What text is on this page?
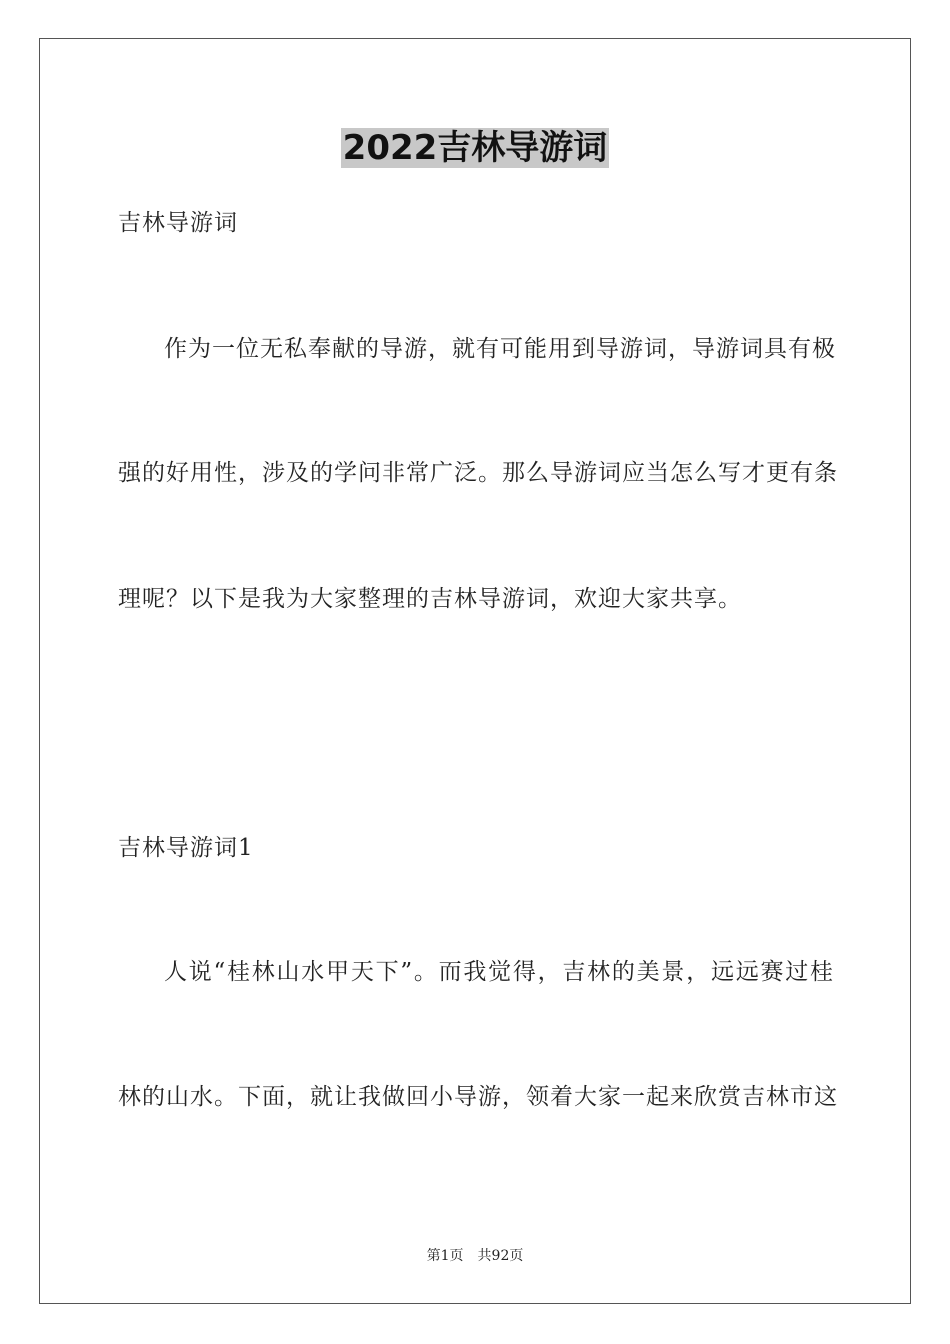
2022吉林导游词
吉林导游词
作为一位无私奉献的导游，就有可能用到导游词，导游词具有极
强的好用性，涉及的学问非常广泛。那么导游词应当怎么写才更有条
理呢？以下是我为大家整理的吉林导游词，欢迎大家共享。
吉林导游词1
人说“桂林山水甲天下”。而我觉得，吉林的美景，远远赛过桂
林的山水。下面，就让我做回小导游，领着大家一起来欣赏吉林市这
第1页 共92页
